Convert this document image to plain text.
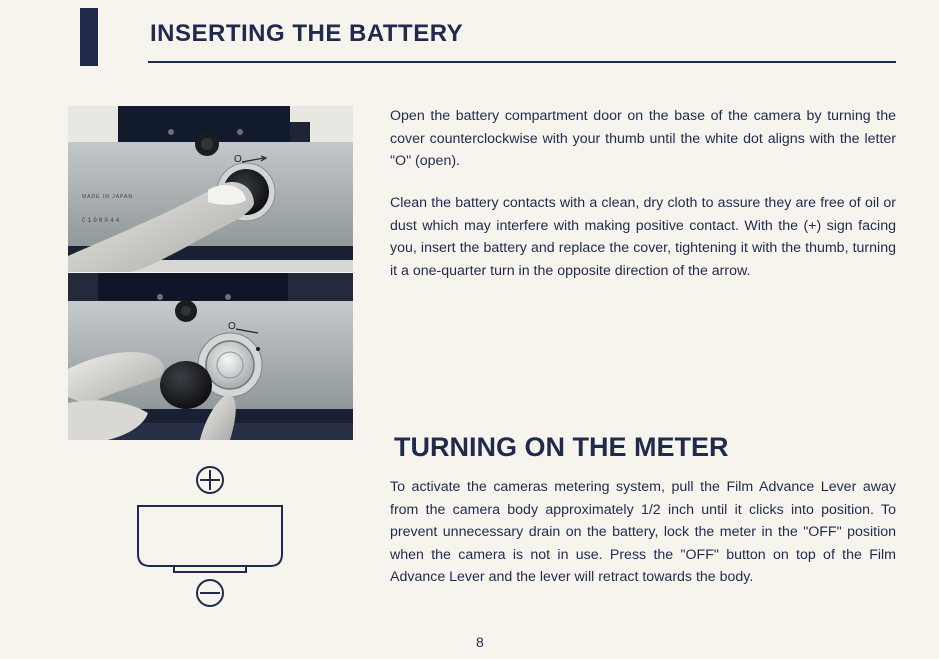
INSERTING THE BATTERY
O
MADE IN JAPAN
C100044
O

Open the battery compartment door on the base of the camera by turning the cover counterclockwise with your thumb until the white dot aligns with the letter "O" (open).

Clean the battery contacts with a clean, dry cloth to assure they are free of oil or dust which may interfere with making positive contact. With the (+) sign facing you, insert the battery and replace the cover, tightening it with the thumb, turning it a one-quarter turn in the opposite direction of the arrow.

TURNING ON THE METER

To activate the cameras metering system, pull the Film Advance Lever away from the camera body approximately 1/2 inch until it clicks into position. To prevent unnecessary drain on the battery, lock the meter in the "OFF" position when the camera is not in use. Press the "OFF" button on top of the Film Advance Lever and the lever will retract towards the body.

8
